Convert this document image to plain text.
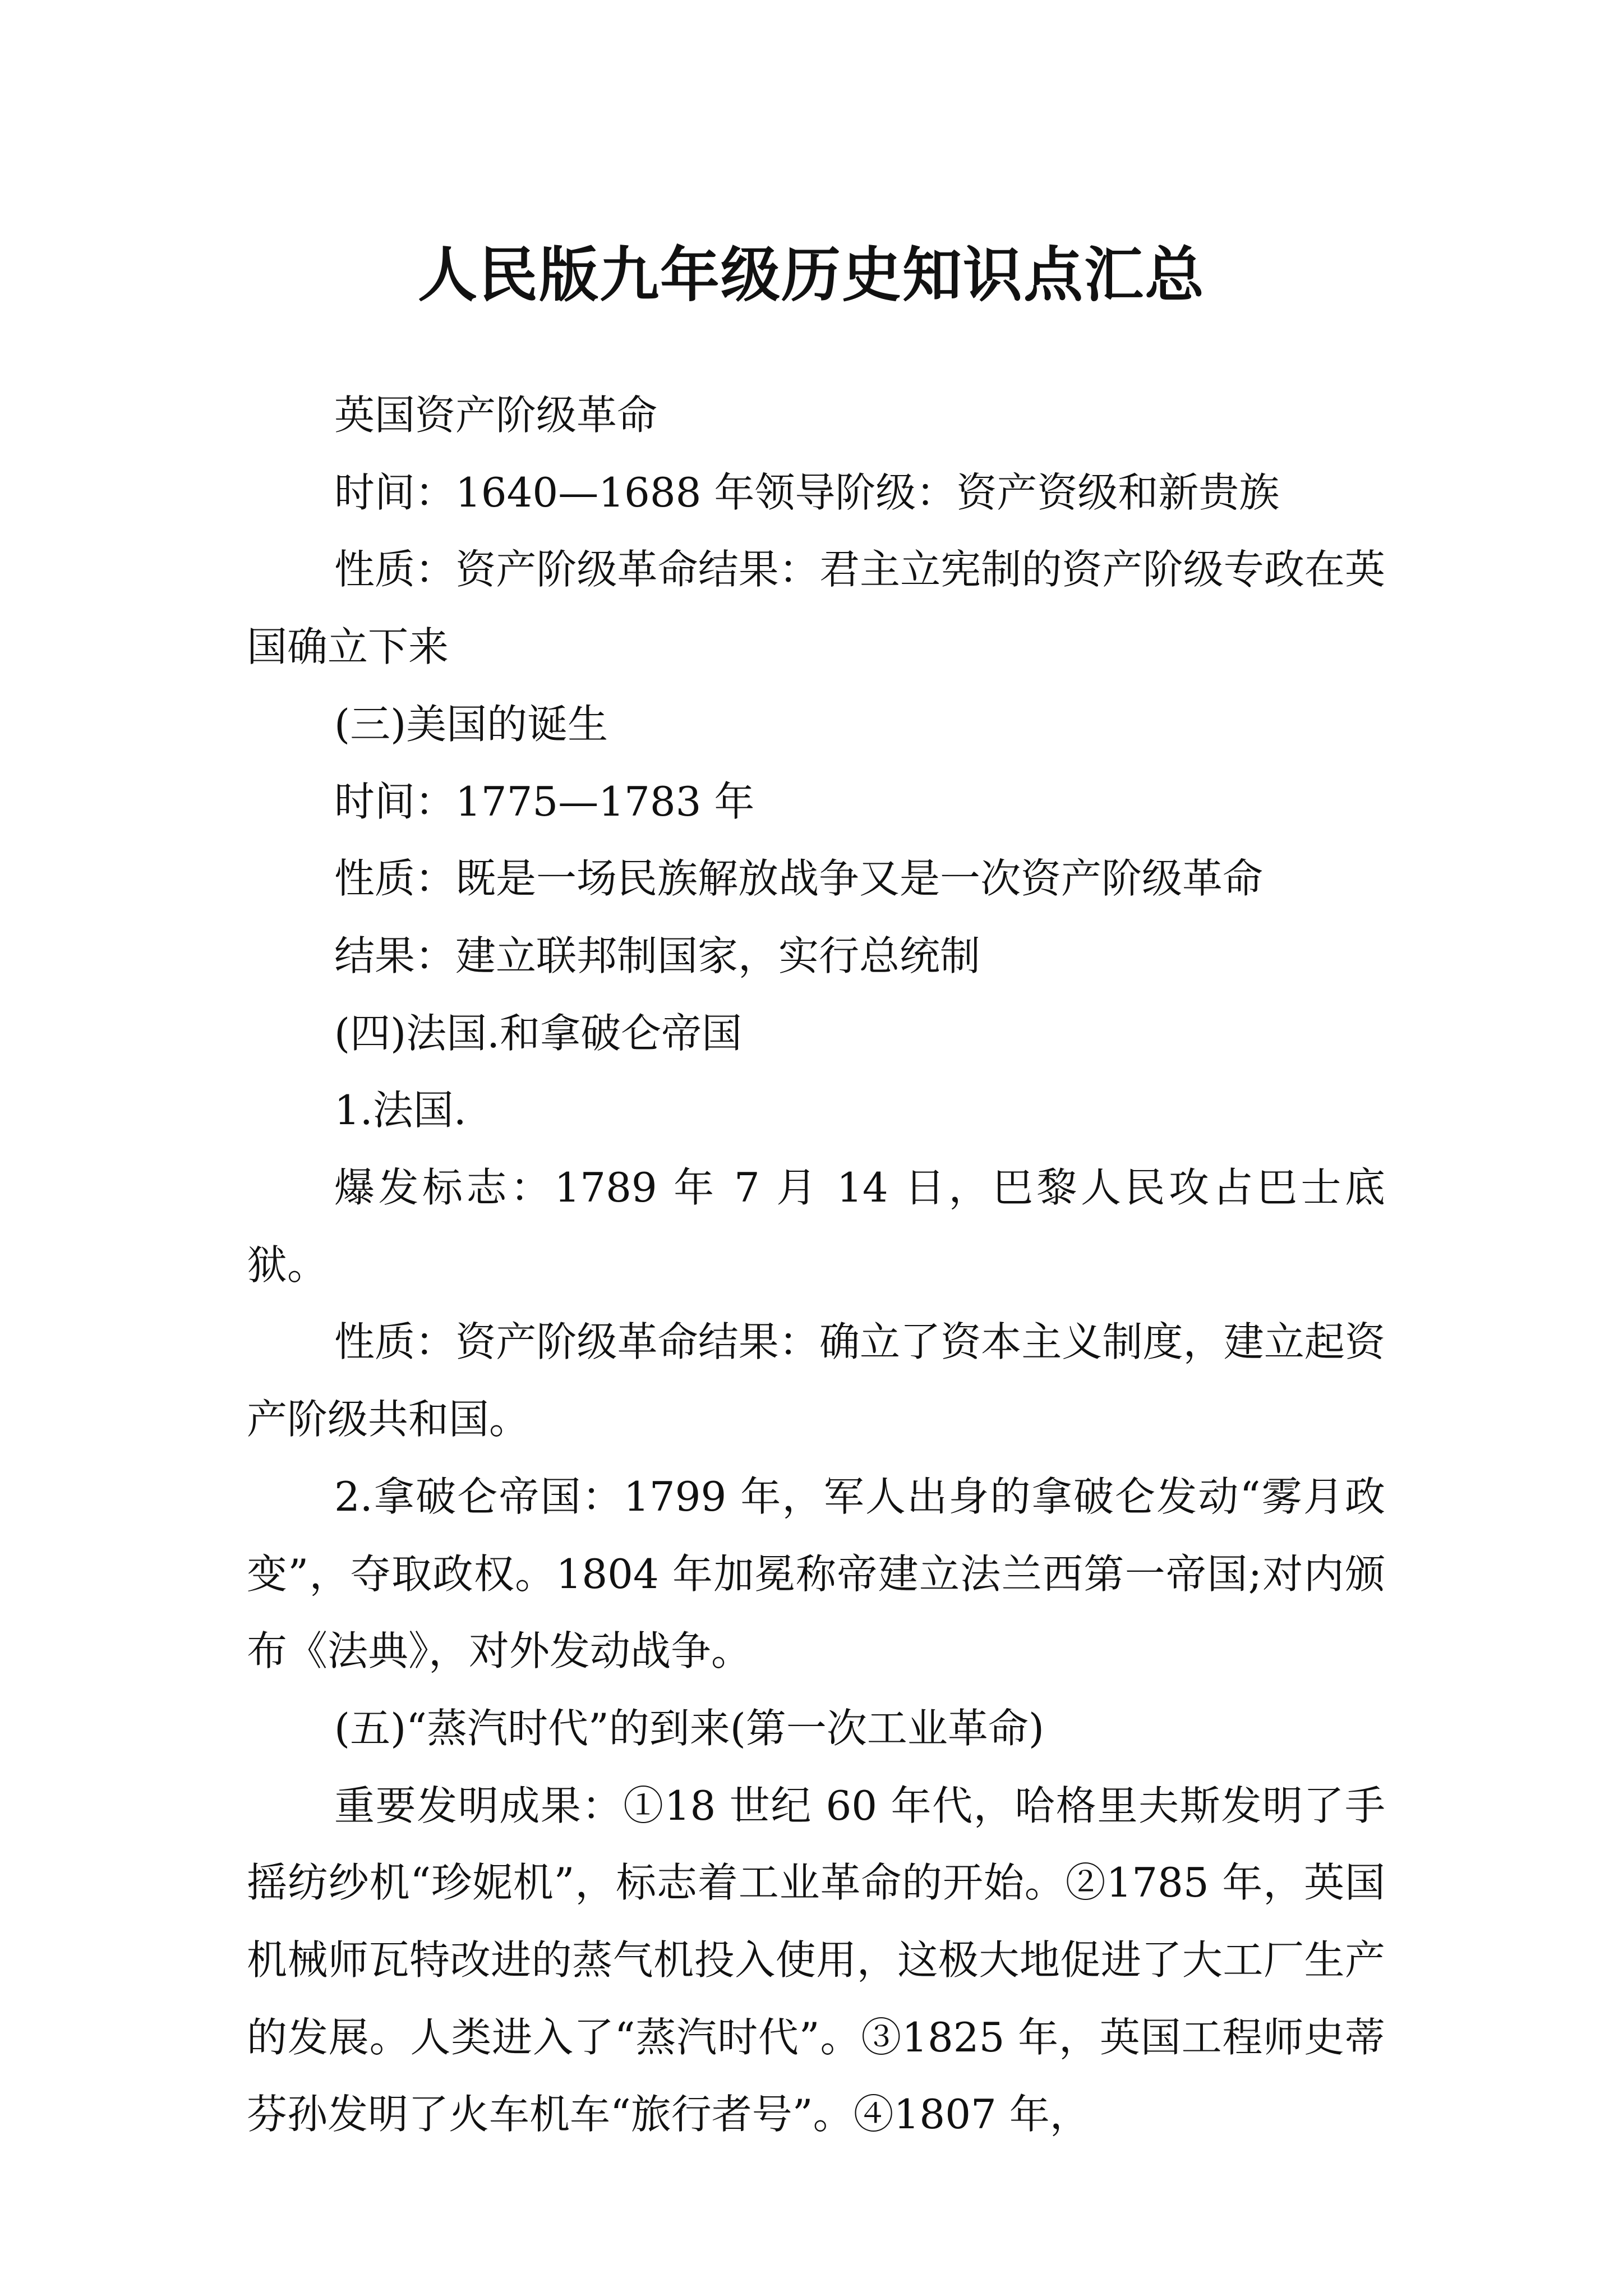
人民版九年级历史知识点汇总

英国资产阶级革命

时间：1640—1688 年领导阶级：资产资级和新贵族

性质：资产阶级革命结果：君主立宪制的资产阶级专政在英国确立下来

(三)美国的诞生

时间：1775—1783 年

性质：既是一场民族解放战争又是一次资产阶级革命

结果：建立联邦制国家，实行总统制

(四)法国.和拿破仑帝国

1.法国.

爆发标志：1789 年 7 月 14 日，巴黎人民攻占巴士底狱。

性质：资产阶级革命结果：确立了资本主义制度，建立起资产阶级共和国。

2.拿破仑帝国：1799 年，军人出身的拿破仑发动“雾月政变”，夺取政权。1804 年加冕称帝建立法兰西第一帝国;对内颁布《法典》，对外发动战争。

(五)“蒸汽时代”的到来(第一次工业革命)

重要发明成果：①18 世纪 60 年代，哈格里夫斯发明了手摇纺纱机“珍妮机”，标志着工业革命的开始。②1785 年，英国机械师瓦特改进的蒸气机投入使用，这极大地促进了大工厂生产的发展。人类进入了“蒸汽时代”。③1825 年，英国工程师史蒂芬孙发明了火车机车“旅行者号”。④1807 年，
